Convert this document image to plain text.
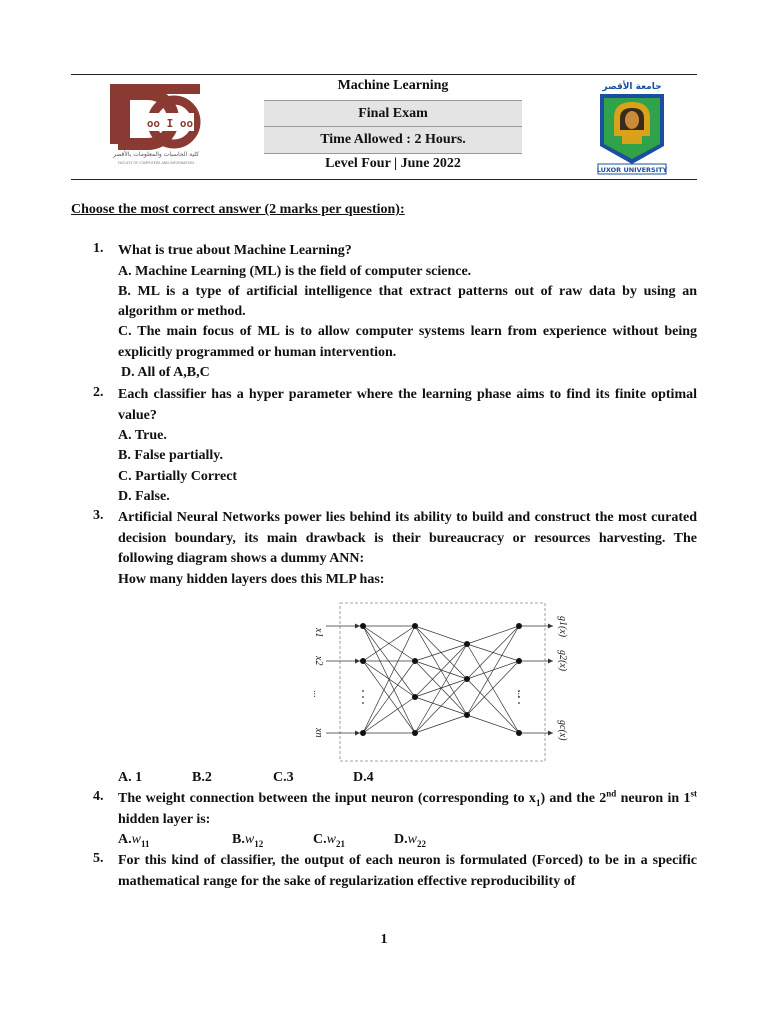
oo I oo
كلية الحاسبات والمعلومات بالأقصر
FACULTY OF COMPUTERS AND INFORMATION
Machine Learning
Final Exam
Time Allowed : 2 Hours.
Level Four | June 2022
جامعة الأقصر
LUXOR UNIVERSITY
Choose the most correct answer (2 marks per question):
1. What is true about Machine Learning?
A. Machine Learning (ML) is the field of computer science.
B. ML is a type of artificial intelligence that extract patterns out of raw data by using an algorithm or method.
C. The main focus of ML is to allow computer systems learn from experience without being explicitly programmed or human intervention.
D. All of A,B,C
2. Each classifier has a hyper parameter where the learning phase aims to find its finite optimal value?
A. True.
B. False partially.
C. Partially Correct
D. False.
3. Artificial Neural Networks power lies behind its ability to build and construct the most curated decision boundary, its main drawback is their bureaucracy or resources harvesting. The following diagram shows a dummy ANN:
How many hidden layers does this MLP has:
x1
x2
...
xn
g1(x)
g2(x)
...
gc(x)
A. 1	B.2	C.3	D.4
4. The weight connection between the input neuron (corresponding to $x_1$) and the 2nd neuron in 1st hidden layer is:
$A.w_{11}$	$B.w_{12}$	$C.w_{21}$	$D.w_{22}$
5. For this kind of classifier, the output of each neuron is formulated (Forced) to be in a specific mathematical range for the sake of regularization effective reproducibility of
1
